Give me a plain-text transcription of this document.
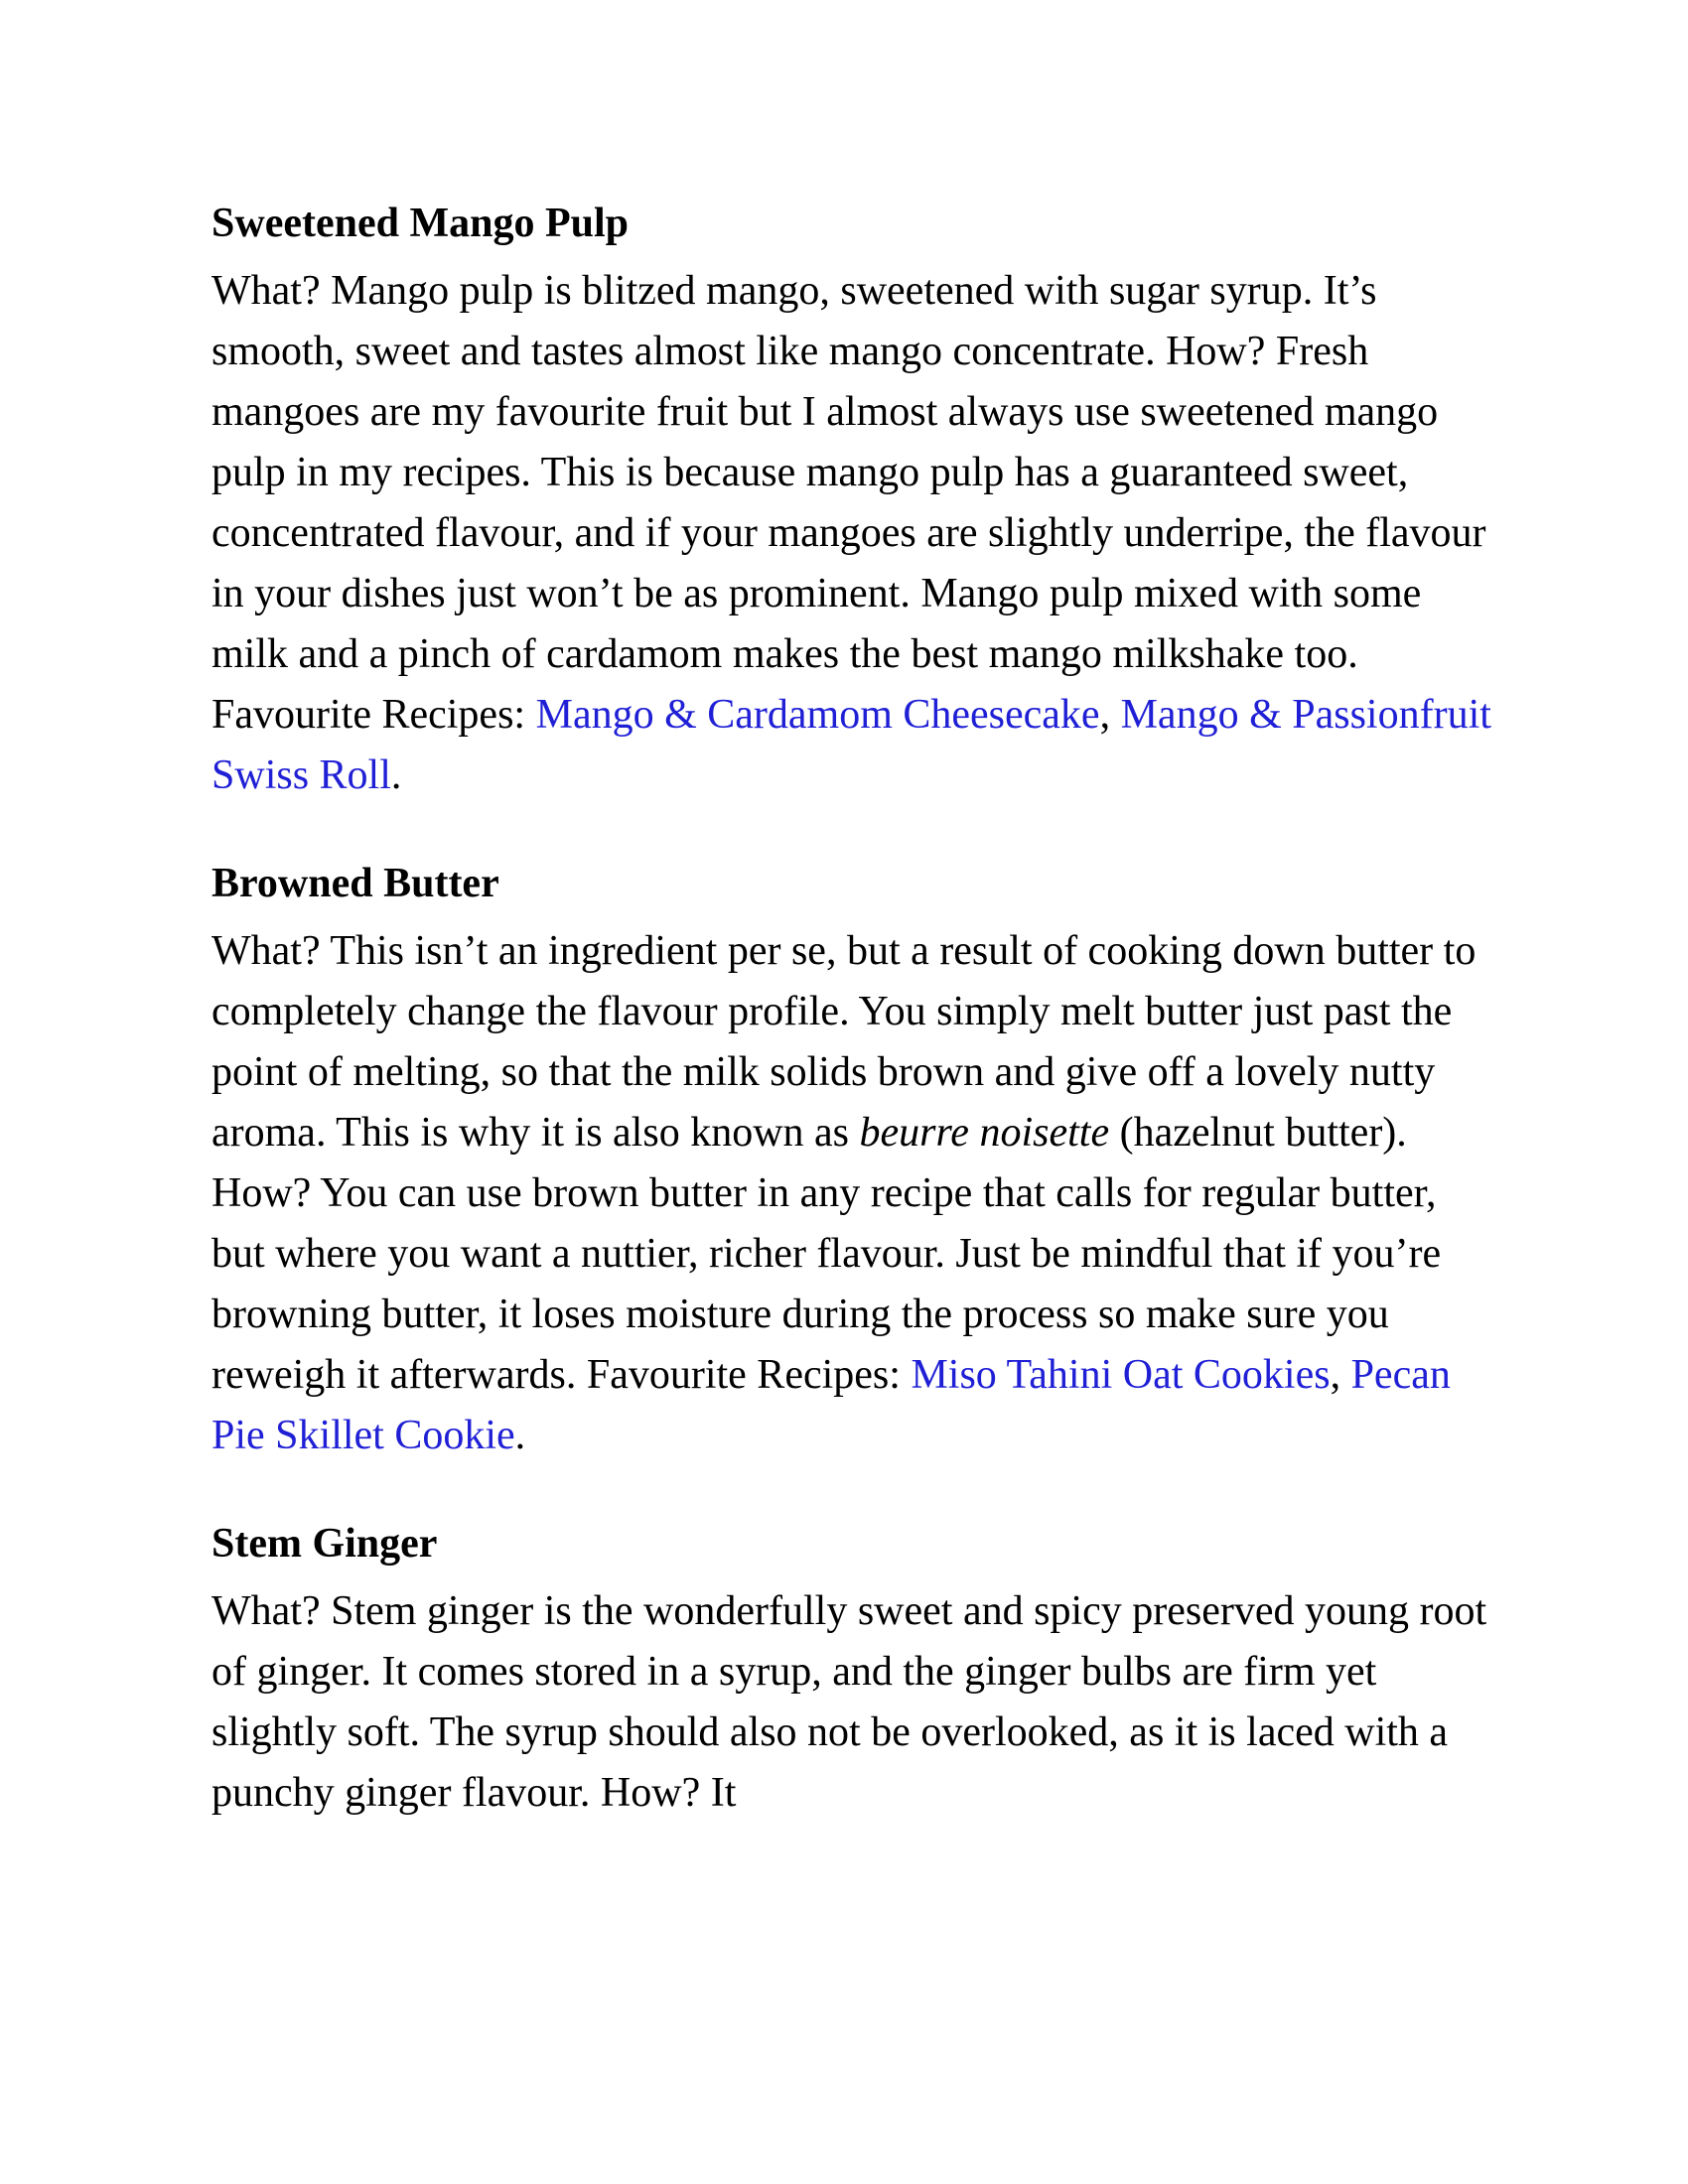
Sweetened Mango Pulp

What? Mango pulp is blitzed mango, sweetened with sugar syrup. It’s smooth, sweet and tastes almost like mango concentrate. How? Fresh mangoes are my favourite fruit but I almost always use sweetened mango pulp in my recipes. This is because mango pulp has a guaranteed sweet, concentrated flavour, and if your mangoes are slightly underripe, the flavour in your dishes just won’t be as prominent. Mango pulp mixed with some milk and a pinch of cardamom makes the best mango milkshake too. Favourite Recipes: Mango & Cardamom Cheesecake, Mango & Passionfruit Swiss Roll.

Browned Butter

What? This isn’t an ingredient per se, but a result of cooking down butter to completely change the flavour profile. You simply melt butter just past the point of melting, so that the milk solids brown and give off a lovely nutty aroma. This is why it is also known as beurre noisette (hazelnut butter). How? You can use brown butter in any recipe that calls for regular butter, but where you want a nuttier, richer flavour. Just be mindful that if you’re browning butter, it loses moisture during the process so make sure you reweigh it afterwards. Favourite Recipes: Miso Tahini Oat Cookies, Pecan Pie Skillet Cookie.

Stem Ginger

What? Stem ginger is the wonderfully sweet and spicy preserved young root of ginger. It comes stored in a syrup, and the ginger bulbs are firm yet slightly soft. The syrup should also not be overlooked, as it is laced with a punchy ginger flavour. How? It
